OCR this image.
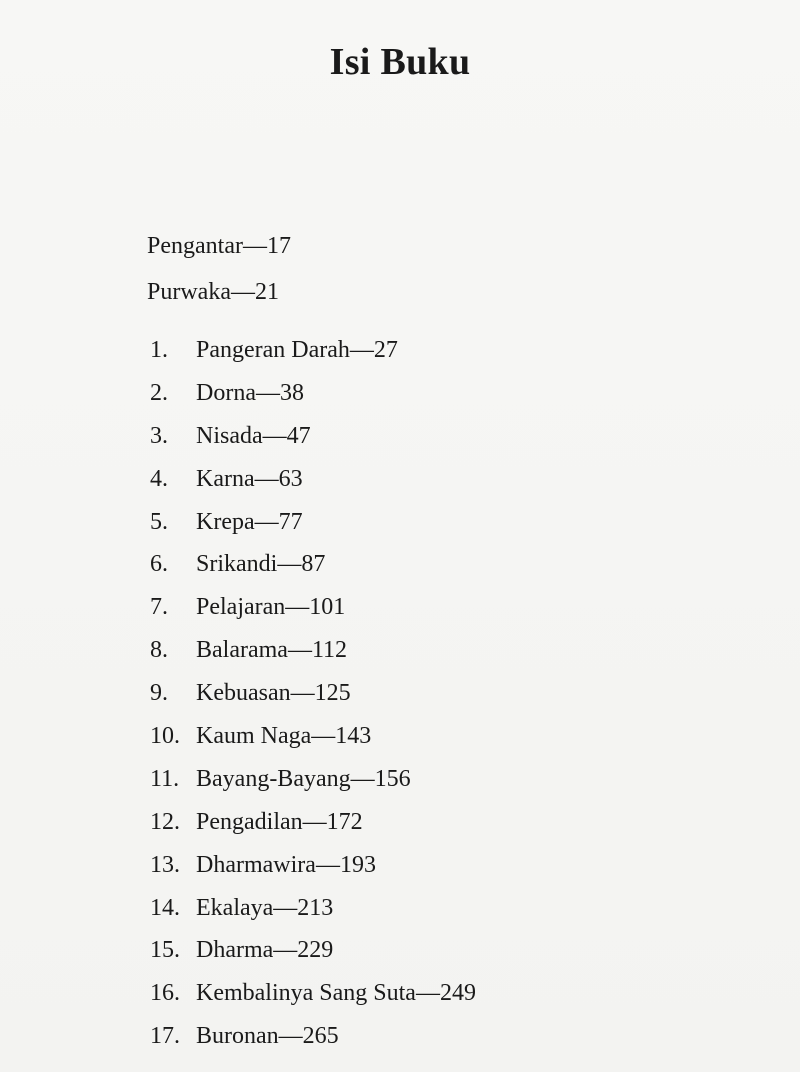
Isi Buku
Pengantar—17
Purwaka—21
1.	Pangeran Darah—27
2.	Dorna—38
3.	Nisada—47
4.	Karna—63
5.	Krepa—77
6.	Srikandi—87
7.	Pelajaran—101
8.	Balarama—112
9.	Kebuasan—125
10. Kaum Naga—143
11. Bayang-Bayang—156
12. Pengadilan—172
13. Dharmawira—193
14. Ekalaya—213
15. Dharma—229
16. Kembalinya Sang Suta—249
17. Buronan—265
